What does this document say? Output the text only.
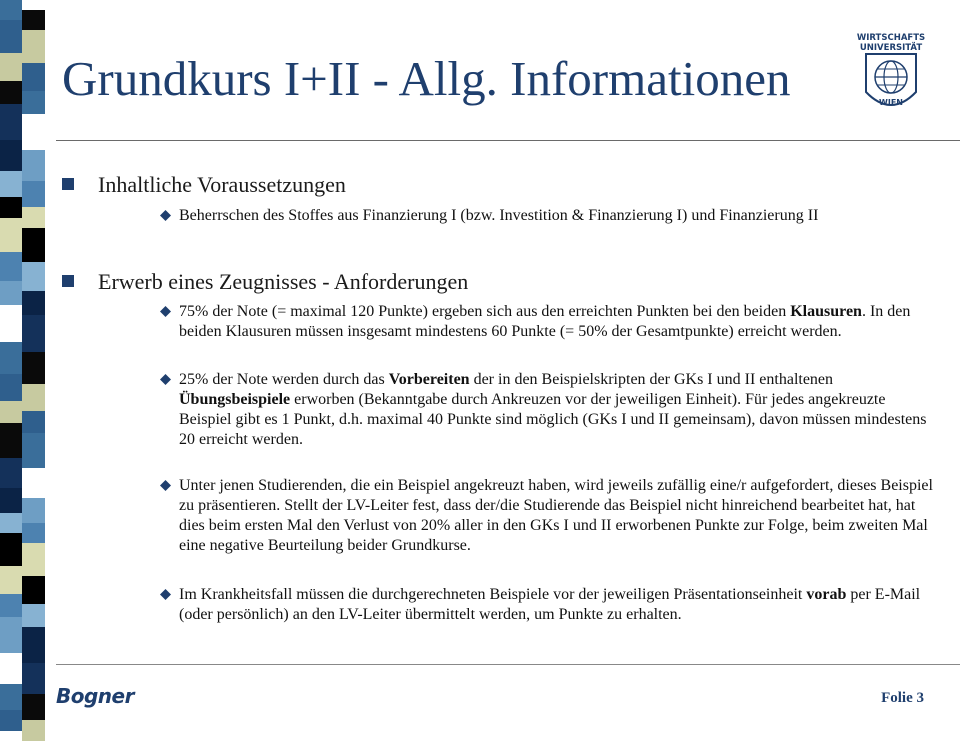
Grundkurs I+II - Allg. Informationen
WIRTSCHAFTS
UNIVERSITÄT
WIEN
Inhaltliche Voraussetzungen
Beherrschen des Stoffes aus Finanzierung I (bzw. Investition & Finanzierung I) und Finanzierung II
Erwerb eines Zeugnisses - Anforderungen
75% der Note (= maximal 120 Punkte) ergeben sich aus den erreichten Punkten bei den beiden Klausuren. In den beiden Klausuren müssen insgesamt mindestens 60 Punkte (= 50% der Gesamtpunkte) erreicht werden.
25% der Note werden durch das Vorbereiten der in den Beispielskripten der GKs I und II enthaltenen Übungsbeispiele erworben (Bekanntgabe durch Ankreuzen vor der jeweiligen Einheit). Für jedes angekreuzte Beispiel gibt es 1 Punkt, d.h. maximal 40 Punkte sind möglich (GKs I und II gemeinsam), davon müssen mindestens 20 erreicht werden.
Unter jenen Studierenden, die ein Beispiel angekreuzt haben, wird jeweils zufällig eine/r aufgefordert, dieses Beispiel zu präsentieren. Stellt der LV-Leiter fest, dass der/die Studierende das Beispiel nicht hinreichend bearbeitet hat, hat dies beim ersten Mal den Verlust von 20% aller in den GKs I und II erworbenen Punkte zur Folge, beim zweiten Mal eine negative Beurteilung beider Grundkurse.
Im Krankheitsfall müssen die durchgerechneten Beispiele vor der jeweiligen Präsentationseinheit vorab per E-Mail (oder persönlich) an den LV-Leiter übermittelt werden, um Punkte zu erhalten.
Bogner	Folie 3
